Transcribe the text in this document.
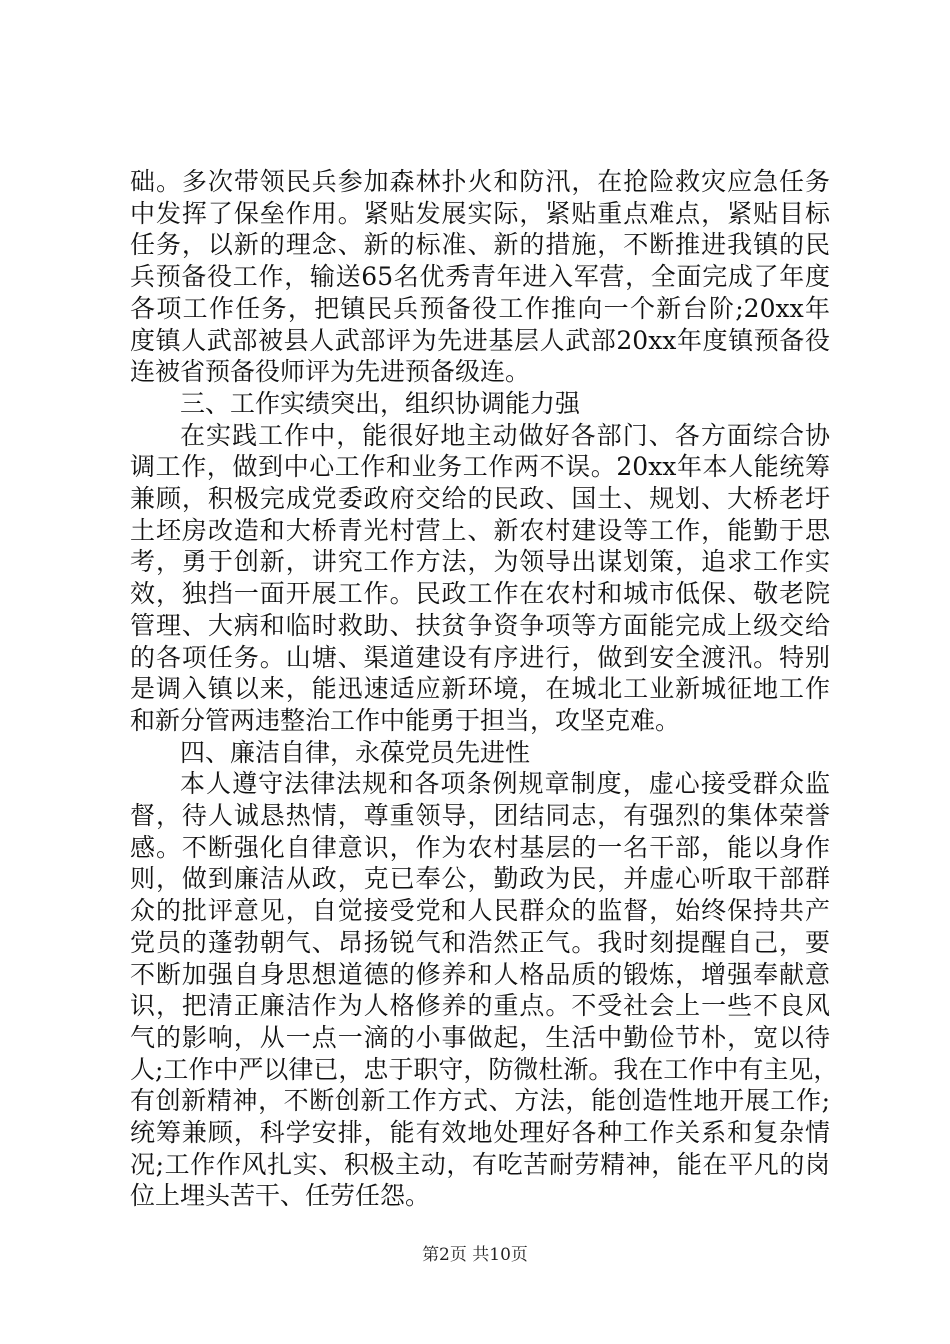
础。多次带领民兵参加森林扑火和防汛，在抢险救灾应急任务
中发挥了保垒作用。紧贴发展实际，紧贴重点难点，紧贴目标
任务，以新的理念、新的标准、新的措施，不断推进我镇的民
兵预备役工作，输送65名优秀青年进入军营，全面完成了年度
各项工作任务，把镇民兵预备役工作推向一个新台阶;20xx年
度镇人武部被县人武部评为先进基层人武部20xx年度镇预备役
连被省预备役师评为先进预备级连。
三、工作实绩突出，组织协调能力强
在实践工作中，能很好地主动做好各部门、各方面综合协
调工作，做到中心工作和业务工作两不误。20xx年本人能统筹
兼顾，积极完成党委政府交给的民政、国土、规划、大桥老圩
土坯房改造和大桥青光村营上、新农村建设等工作，能勤于思
考，勇于创新，讲究工作方法，为领导出谋划策，追求工作实
效，独挡一面开展工作。民政工作在农村和城市低保、敬老院
管理、大病和临时救助、扶贫争资争项等方面能完成上级交给
的各项任务。山塘、渠道建设有序进行，做到安全渡汛。特别
是调入镇以来，能迅速适应新环境，在城北工业新城征地工作
和新分管两违整治工作中能勇于担当，攻坚克难。
四、廉洁自律，永葆党员先进性
本人遵守法律法规和各项条例规章制度，虚心接受群众监
督，待人诚恳热情，尊重领导，团结同志，有强烈的集体荣誉
感。不断强化自律意识，作为农村基层的一名干部，能以身作
则，做到廉洁从政，克已奉公，勤政为民，并虚心听取干部群
众的批评意见，自觉接受党和人民群众的监督，始终保持共产
党员的蓬勃朝气、昂扬锐气和浩然正气。我时刻提醒自己，要
不断加强自身思想道德的修养和人格品质的锻炼，增强奉献意
识，把清正廉洁作为人格修养的重点。不受社会上一些不良风
气的影响，从一点一滴的小事做起，生活中勤俭节朴，宽以待
人;工作中严以律已，忠于职守，防微杜渐。我在工作中有主见，
有创新精神，不断创新工作方式、方法，能创造性地开展工作;
统筹兼顾，科学安排，能有效地处理好各种工作关系和复杂情
况;工作作风扎实、积极主动，有吃苦耐劳精神，能在平凡的岗
位上埋头苦干、任劳任怨。
第2页 共10页
